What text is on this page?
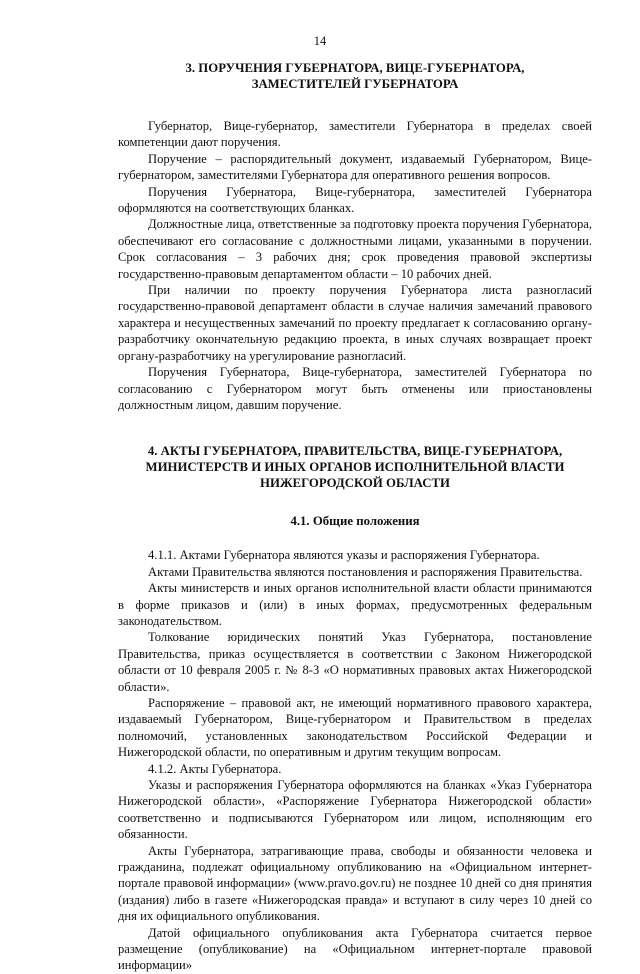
14
3. ПОРУЧЕНИЯ ГУБЕРНАТОРА, ВИЦЕ-ГУБЕРНАТОРА,
ЗАМЕСТИТЕЛЕЙ ГУБЕРНАТОРА

Губернатор, Вице-губернатор, заместители Губернатора в пределах своей компетенции дают поручения.

Поручение – распорядительный документ, издаваемый Губернатором, Вице-губернатором, заместителями Губернатора для оперативного решения вопросов.

Поручения Губернатора, Вице-губернатора, заместителей Губернатора оформляются на соответствующих бланках.

Должностные лица, ответственные за подготовку проекта поручения Губернатора, обеспечивают его согласование с должностными лицами, указанными в поручении. Срок согласования – 3 рабочих дня; срок проведения правовой экспертизы государственно-правовым департаментом области – 10 рабочих дней.

При наличии по проекту поручения Губернатора листа разногласий государственно-правовой департамент области в случае наличия замечаний правового характера и несущественных замечаний по проекту предлагает к согласованию органу-разработчику окончательную редакцию проекта, в иных случаях возвращает проект органу-разработчику на урегулирование разногласий.

Поручения Губернатора, Вице-губернатора, заместителей Губернатора по согласованию с Губернатором могут быть отменены или приостановлены должностным лицом, давшим поручение.

4. АКТЫ ГУБЕРНАТОРА, ПРАВИТЕЛЬСТВА, ВИЦЕ-ГУБЕРНАТОРА,
МИНИСТЕРСТВ И ИНЫХ ОРГАНОВ ИСПОЛНИТЕЛЬНОЙ ВЛАСТИ
НИЖЕГОРОДСКОЙ ОБЛАСТИ
4.1. Общие положения

4.1.1. Актами Губернатора являются указы и распоряжения Губернатора.

Актами Правительства являются постановления и распоряжения Правительства.

Акты министерств и иных органов исполнительной власти области принимаются в форме приказов и (или) в иных формах, предусмотренных федеральным законодательством.

Толкование юридических понятий Указ Губернатора, постановление Правительства, приказ осуществляется в соответствии с Законом Нижегородской области от 10 февраля 2005 г. № 8-З «О нормативных правовых актах Нижегородской области».

Распоряжение – правовой акт, не имеющий нормативного правового характера, издаваемый Губернатором, Вице-губернатором и Правительством в пределах полномочий, установленных законодательством Российской Федерации и Нижегородской области, по оперативным и другим текущим вопросам.

4.1.2. Акты Губернатора.

Указы и распоряжения Губернатора оформляются на бланках «Указ Губернатора Нижегородской области», «Распоряжение Губернатора Нижегородской области» соответственно и подписываются Губернатором или лицом, исполняющим его обязанности.

Акты Губернатора, затрагивающие права, свободы и обязанности человека и гражданина, подлежат официальному опубликованию на «Официальном интернет-портале правовой информации» (www.pravo.gov.ru) не позднее 10 дней со дня принятия (издания) либо в газете «Нижегородская правда» и вступают в силу через 10 дней со дня их официального опубликования.

Датой официального опубликования акта Губернатора считается первое размещение (опубликование) на «Официальном интернет-портале правовой информации»
